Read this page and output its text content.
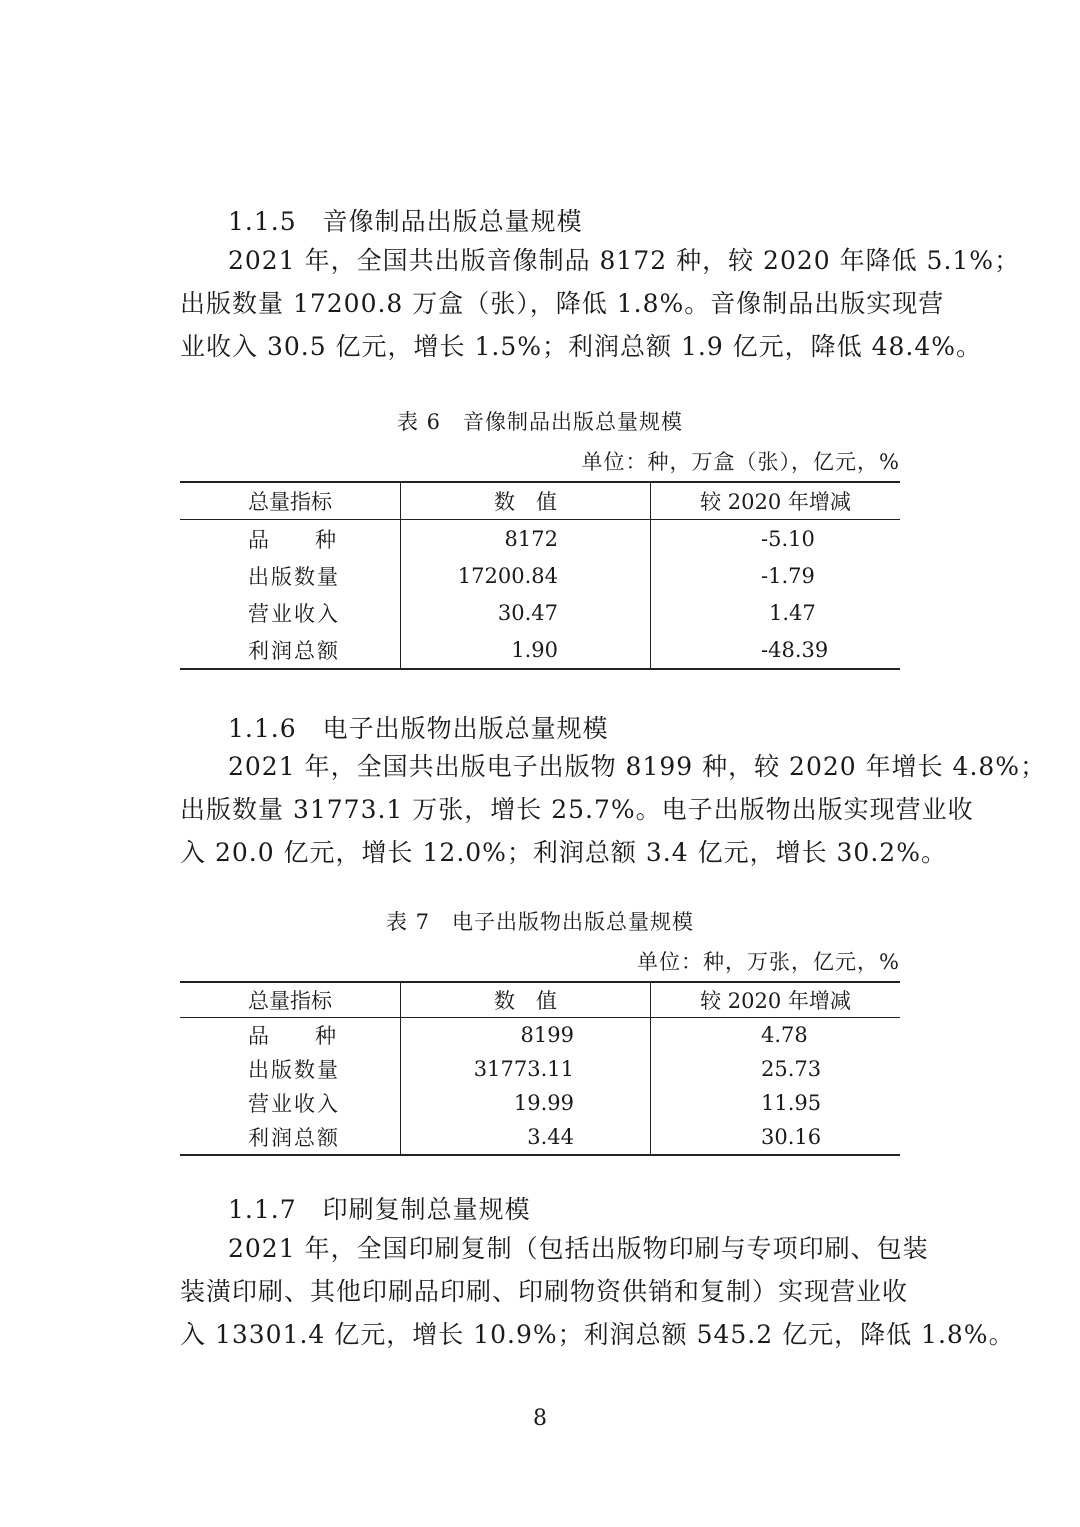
1.1.5　音像制品出版总量规模
2021 年，全国共出版音像制品 8172 种，较 2020 年降低 5.1%；
出版数量 17200.8 万盒（张），降低 1.8%。音像制品出版实现营
业收入 30.5 亿元，增长 1.5%；利润总额 1.9 亿元，降低 48.4%。
表 6　音像制品出版总量规模
单位：种，万盒（张），亿元，%
总量指标	数　值	较 2020 年增减
品种	8172	-5.10
出版数量	17200.84	-1.79
营业收入	30.47	1.47
利润总额	1.90	-48.39
1.1.6　电子出版物出版总量规模
2021 年，全国共出版电子出版物 8199 种，较 2020 年增长 4.8%；
出版数量 31773.1 万张，增长 25.7%。电子出版物出版实现营业收
入 20.0 亿元，增长 12.0%；利润总额 3.4 亿元，增长 30.2%。
表 7　电子出版物出版总量规模
单位：种，万张，亿元，%
总量指标	数　值	较 2020 年增减
品种	8199	4.78
出版数量	31773.11	25.73
营业收入	19.99	11.95
利润总额	3.44	30.16
1.1.7　印刷复制总量规模
2021 年，全国印刷复制（包括出版物印刷与专项印刷、包装
装潢印刷、其他印刷品印刷、印刷物资供销和复制）实现营业收
入 13301.4 亿元，增长 10.9%；利润总额 545.2 亿元，降低 1.8%。
8
